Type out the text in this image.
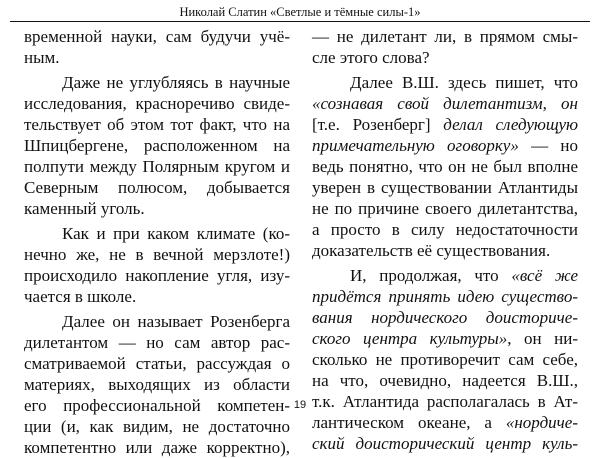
Николай Слатин «Светлые и тёмные силы-1»
временной науки, сам будучи учё-
ным.
Даже не углубляясь в научные
исследования, красноречиво свиде-
тельствует об этом тот факт, что на
Шпицбергене, расположенном на
полпути между Полярным кругом и
Северным полюсом, добывается
каменный уголь.
Как и при каком климате (ко-
нечно же, не в вечной мерзлоте!)
происходило накопление угля, изу-
чается в школе.
Далее он называет Розенберга
дилетантом — но сам автор рас-
сматриваемой статьи, рассуждая о
материях, выходящих из области
его профессиональной компетен-
ции (и, как видим, не достаточно
компетентно или даже корректно),
— не дилетант ли, в прямом смы-
сле этого слова?
Далее В.Ш. здесь пишет, что
«сознавая свой дилетантизм, он
[т.е. Розенберг] делал следующую
примечательную оговорку» — но
ведь понятно, что он не был вполне
уверен в существовании Атлантиды
не по причине своего дилетантства,
а просто в силу недостаточности
доказательств её существования.
И, продолжая, что «всё же
придётся принять идею существо-
вания нордического доисториче-
ского центра культуры», он ни-
сколько не противоречит сам себе,
на что, очевидно, надеется В.Ш.,
т.к. Атлантида располагалась в Ат-
лантическом океане, а «нордиче-
ский доисторический центр куль-
19
